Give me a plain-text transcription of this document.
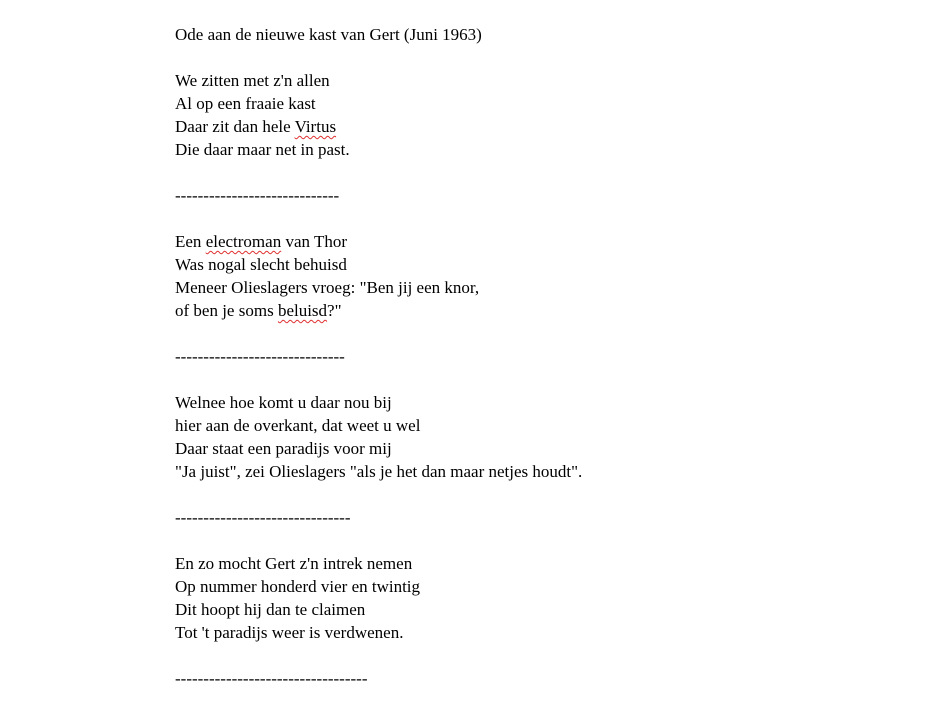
Ode aan de nieuwe kast van Gert (Juni 1963)
We zitten met z'n allen
Al op een fraaie kast
Daar zit dan hele Virtus
Die daar maar net in past.
-----------------------------
Een electroman van Thor
Was nogal slecht behuisd
Meneer Olieslagers vroeg: "Ben jij een knor,
of ben je soms beluisd?"
------------------------------
Welnee hoe komt u daar nou bij
hier aan de overkant, dat weet u wel
Daar staat een paradijs voor mij
"Ja juist", zei Olieslagers "als je het dan maar netjes houdt".
-------------------------------
En zo mocht Gert z'n intrek nemen
Op nummer honderd vier en twintig
Dit hoopt hij dan te claimen
Tot 't paradijs weer is verdwenen.
----------------------------------
